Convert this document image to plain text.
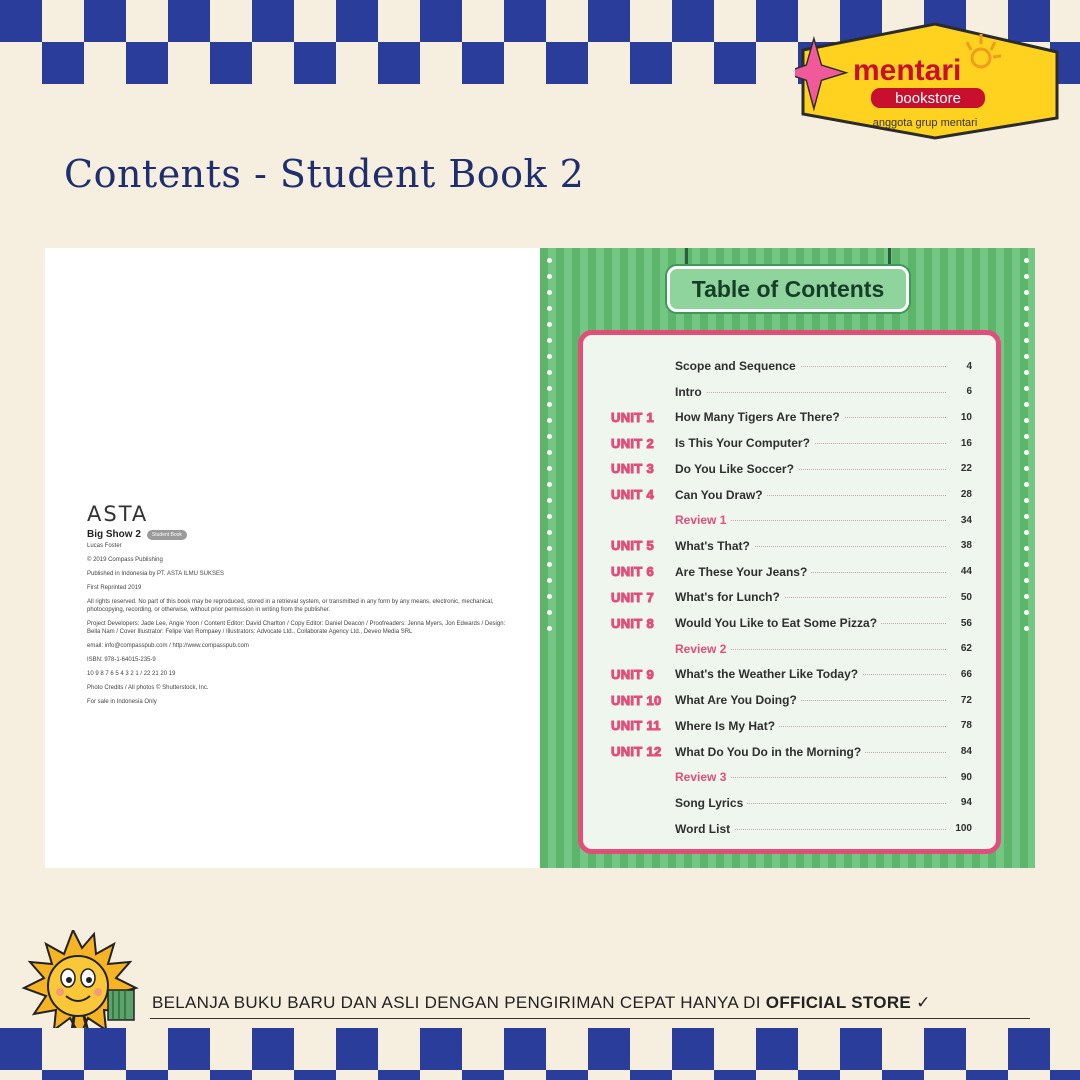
mentari
bookstore
anggota grup mentari
Contents - Student Book 2
ASTA
Big Show 2	Student Book

Lucas Foster

© 2019 Compass Publishing

Published in Indonesia by PT. ASTA ILMU SUKSES

First Reprinted 2019

All rights reserved. No part of this book may be reproduced, stored in a retrieval system, or transmitted in any form by any means, electronic, mechanical, photocopying, recording, or otherwise, without prior permission in writing from the publisher.

Project Developers: Jade Lee, Angie Yoon / Content Editor: David Charlton / Copy Editor: Daniel Deacon / Proofreaders: Jenna Myers, Jon Edwards / Design: Bella Nam / Cover Illustrator: Felipe Van Rompaey / Illustrators: Advocate Ltd., Collaborate Agency Ltd., Deveo Media SRL

email: info@compasspub.com / http://www.compasspub.com

ISBN: 978-1-64015-235-9

10 9 8 7 6 5 4 3 2 1 / 22 21 20 19

Photo Credits / All photos © Shutterstock, Inc.

For sale in Indonesia Only

Table of Contents
Scope and Sequence	4
Intro	6
UNIT 1	How Many Tigers Are There?	10
UNIT 2	Is This Your Computer?	16
UNIT 3	Do You Like Soccer?	22
UNIT 4	Can You Draw?	28
Review 1	34
UNIT 5	What's That?	38
UNIT 6	Are These Your Jeans?	44
UNIT 7	What's for Lunch?	50
UNIT 8	Would You Like to Eat Some Pizza?	56
Review 2	62
UNIT 9	What's the Weather Like Today?	66
UNIT 10 What Are You Doing?	72
UNIT 11	Where Is My Hat?	78
UNIT 12 What Do You Do in the Morning?	84
Review 3	90
Song Lyrics	94
Word List	100
BELANJA BUKU BARU DAN ASLI DENGAN PENGIRIMAN CEPAT HANYA DI OFFICIAL STORE ✓
